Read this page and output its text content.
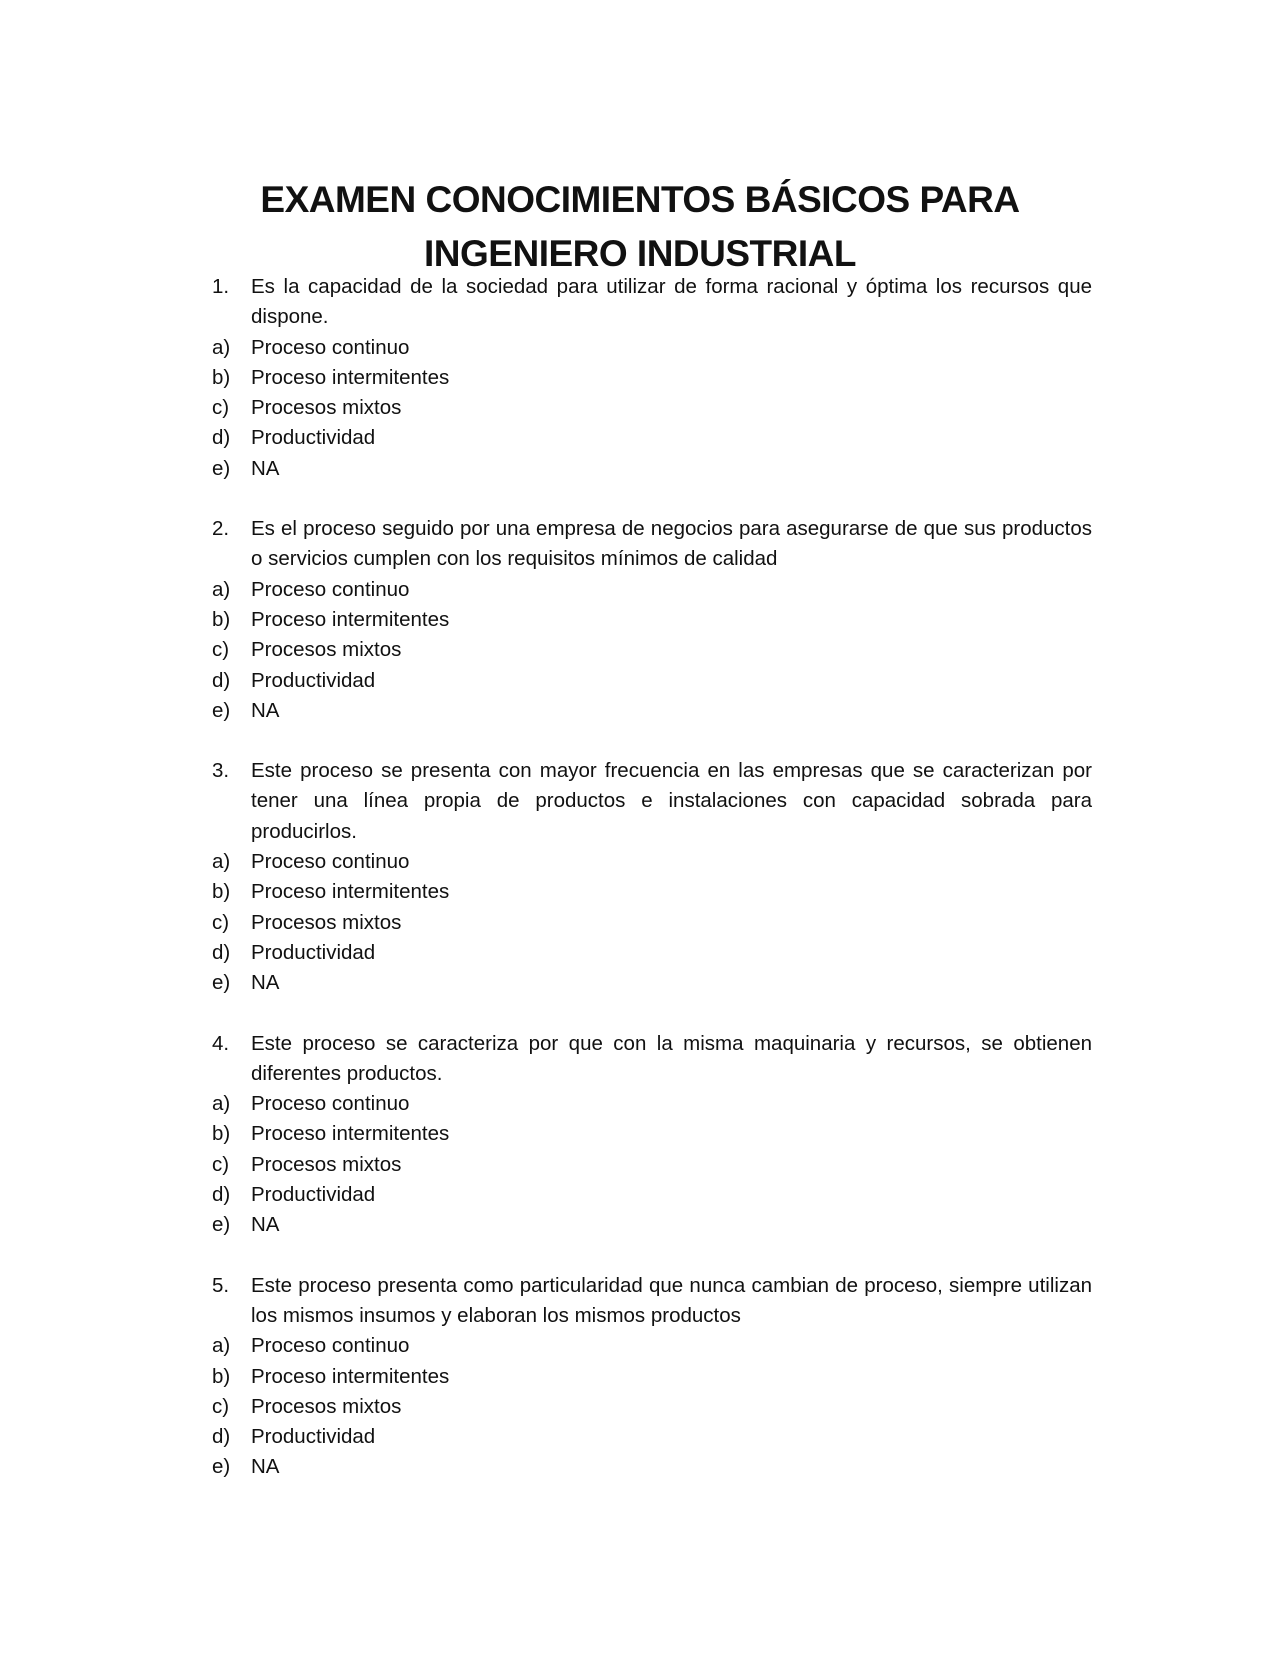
EXAMEN CONOCIMIENTOS BÁSICOS PARA
INGENIERO INDUSTRIAL
1.	Es la capacidad de la sociedad para utilizar de forma racional y óptima los recursos que dispone.
a)	Proceso continuo
b)	Proceso intermitentes
c)	Procesos mixtos
d)	Productividad
e)	NA
2.	Es el proceso seguido por una empresa de negocios para asegurarse de que sus productos o servicios cumplen con los requisitos mínimos de calidad
a)	Proceso continuo
b)	Proceso intermitentes
c)	Procesos mixtos
d)	Productividad
e)	NA
3.	Este proceso se presenta con mayor frecuencia en las empresas que se caracterizan por tener una línea propia de productos e instalaciones con capacidad sobrada para producirlos.
a)	Proceso continuo
b)	Proceso intermitentes
c)	Procesos mixtos
d)	Productividad
e)	NA
4.	Este proceso se caracteriza por que con la misma maquinaria y recursos, se obtienen diferentes productos.
a)	Proceso continuo
b)	Proceso intermitentes
c)	Procesos mixtos
d)	Productividad
e)	NA
5.	Este proceso presenta como particularidad que nunca cambian de proceso, siempre utilizan los mismos insumos y elaboran los mismos productos
a)	Proceso continuo
b)	Proceso intermitentes
c)	Procesos mixtos
d)	Productividad
e)	NA
